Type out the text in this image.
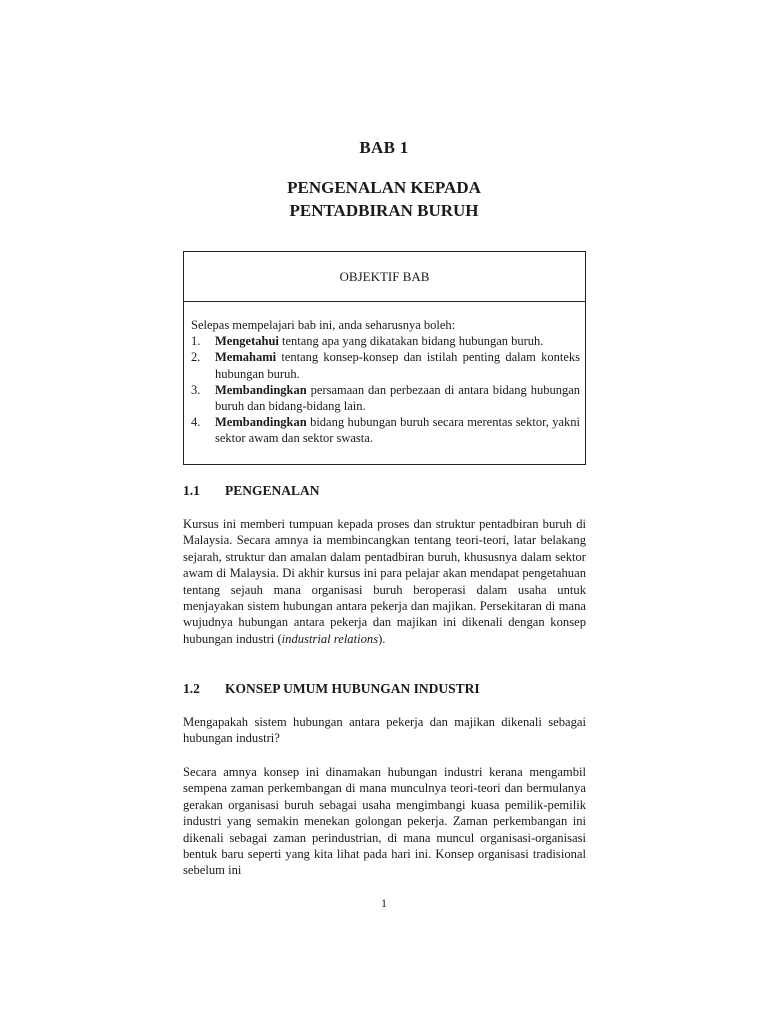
BAB 1
PENGENALAN KEPADA
PENTADBIRAN BURUH
OBJEKTIF BAB

Selepas mempelajari bab ini, anda seharusnya boleh:

1.	Mengetahui tentang apa yang dikatakan bidang hubungan buruh.
2.	Memahami tentang konsep-konsep dan istilah penting dalam konteks hubungan buruh.
3.	Membandingkan persamaan dan perbezaan di antara bidang hubungan buruh dan bidang-bidang lain.
4.	Membandingkan bidang hubungan buruh secara merentas sektor, yakni sektor awam dan sektor swasta.
1.1 PENGENALAN

Kursus ini memberi tumpuan kepada proses dan struktur pentadbiran buruh di Malaysia. Secara amnya ia membincangkan tentang teori-teori, latar belakang sejarah, struktur dan amalan dalam pentadbiran buruh, khususnya dalam sektor awam di Malaysia. Di akhir kursus ini para pelajar akan mendapat pengetahuan tentang sejauh mana organisasi buruh beroperasi dalam usaha untuk menjayakan sistem hubungan antara pekerja dan majikan. Persekitaran di mana wujudnya hubungan antara pekerja dan majikan ini dikenali dengan konsep hubungan industri (industrial relations).

1.2 KONSEP UMUM HUBUNGAN INDUSTRI

Mengapakah sistem hubungan antara pekerja dan majikan dikenali sebagai hubungan industri?

Secara amnya konsep ini dinamakan hubungan industri kerana mengambil sempena zaman perkembangan di mana munculnya teori-teori dan bermulanya gerakan organisasi buruh sebagai usaha mengimbangi kuasa pemilik-pemilik industri yang semakin menekan golongan pekerja. Zaman perkembangan ini dikenali sebagai zaman perindustrian, di mana muncul organisasi-organisasi bentuk baru seperti yang kita lihat pada hari ini. Konsep organisasi tradisional sebelum ini

1
